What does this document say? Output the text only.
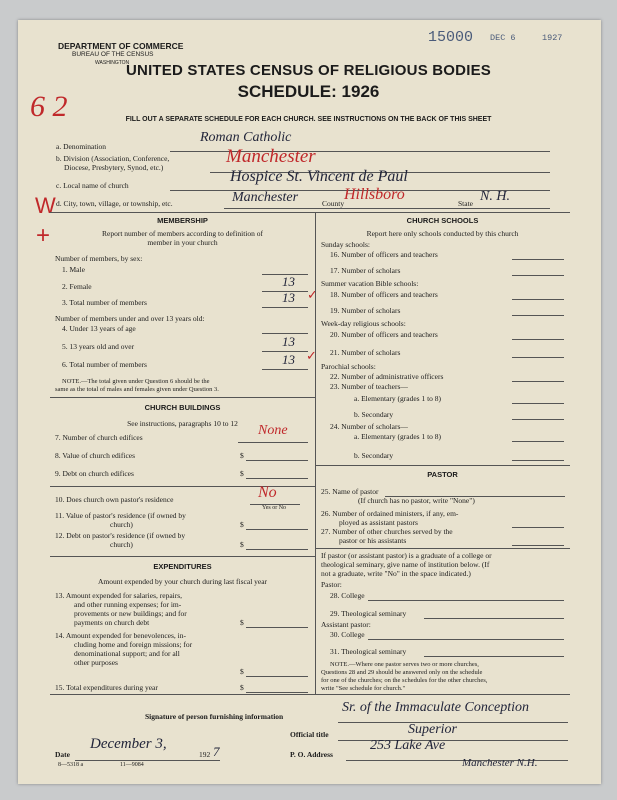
DEPARTMENT OF COMMERCE
BUREAU OF THE CENSUS
WASHINGTON
15000 DEC 6	1927
UNITED STATES CENSUS OF RELIGIOUS BODIES
SCHEDULE: 1926
FILL OUT A SEPARATE SCHEDULE FOR EACH CHURCH. SEE INSTRUCTIONS ON THE BACK OF THIS SHEET
6 2
W
+
✓
✓
a. Denomination
Roman Catholic
b. Division (Association, Conference,
Diocese, Presbytery, Synod, etc.)
Manchester
c. Local name of church
Hospice St. Vincent de Paul
d. City, town, village, or township, etc.	Manchester	County
Hillsboro
State N. H.
MEMBERSHIP
Report number of members according to definition of
member in your church
Number of members, by sex:
1. Male
2. Female	13
3. Total number of members	13
Number of members under and over 13 years old:
4. Under 13 years of age
5. 13 years old and over	13
6. Total number of members	13
NOTE.—The total given under Question 6 should be the
same as the total of males and females given under Question 3.
CHURCH BUILDINGS
See instructions, paragraphs 10 to 12
7. Number of church edifices	None
8. Value of church edifices	$
9. Debt on church edifices	$
10. Does church own pastor's residence	No
Yes or No
11. Value of pastor's residence (if owned by
church)	$
12. Debt on pastor's residence (if owned by
church)	$
EXPENDITURES
Amount expended by your church during last fiscal year
13. Amount expended for salaries, repairs,
and other running expenses; for im-
provements or new buildings; and for
payments on church debt	$
14. Amount expended for benevolences, in-
cluding home and foreign missions; for
denominational support; and for all
other purposes
$
15. Total expenditures during year	$
CHURCH SCHOOLS
Report here only schools conducted by this church
Sunday schools:
16. Number of officers and teachers
17. Number of scholars
Summer vacation Bible schools:
18. Number of officers and teachers
19. Number of scholars
Week-day religious schools:
20. Number of officers and teachers
21. Number of scholars
Parochial schools:
22. Number of administrative officers
23. Number of teachers—
a. Elementary (grades 1 to 8)
b. Secondary
24. Number of scholars—
a. Elementary (grades 1 to 8)
b. Secondary
PASTOR
25. Name of pastor
(If church has no pastor, write "None")
26. Number of ordained ministers, if any, em-
ployed as assistant pastors
27. Number of other churches served by the
pastor or his assistants
If pastor (or assistant pastor) is a graduate of a college or
theological seminary, give name of institution below. (If
not a graduate, write "No" in the space indicated.)
Pastor:
28. College
29. Theological seminary
Assistant pastor:
30. College
31. Theological seminary
NOTE.—Where one pastor serves two or more churches,
Questions 28 and 29 should be answered only on the schedule
for one of the churches; on the schedules for the other churches,
write "See schedule for church."
Signature of person furnishing information
Sr. of the Immaculate Conception
Official title	Superior
Date
December 3,
192 7	P. O. Address
253 Lake Ave
Manchester N.H.
8—5318 a	11—9084
